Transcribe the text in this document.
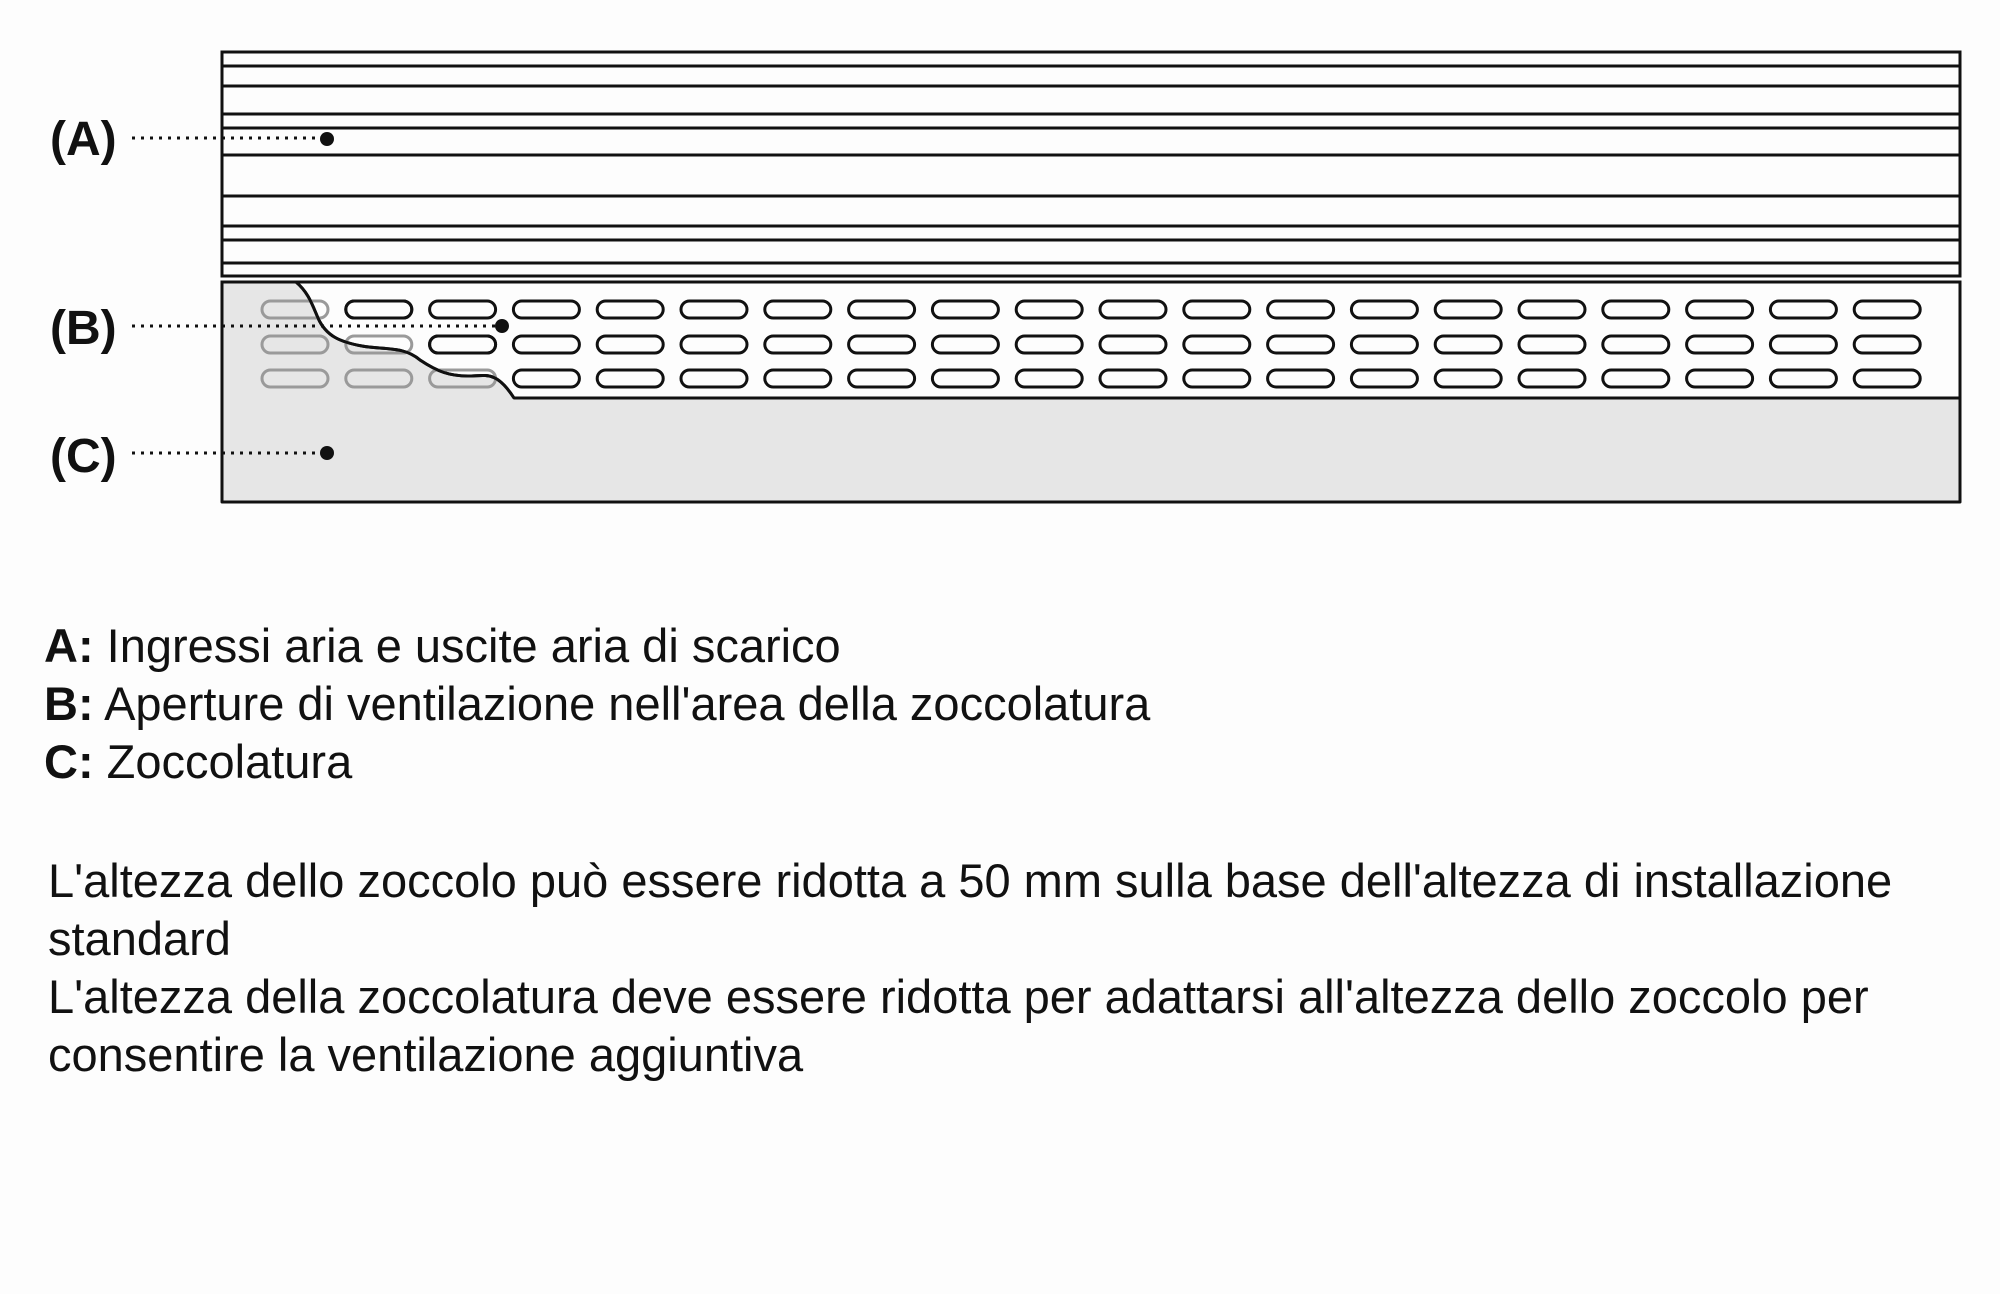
(A)
(B)
(C)
A: Ingressi aria e uscite aria di scarico
B: Aperture di ventilazione nell'area della zoccolatura
C: Zoccolatura

L'altezza dello zoccolo può essere ridotta a 50 mm sulla base dell'altezza di installazione standard

L'altezza della zoccolatura deve essere ridotta per adattarsi all'altezza dello zoccolo per consentire la ventilazione aggiuntiva
